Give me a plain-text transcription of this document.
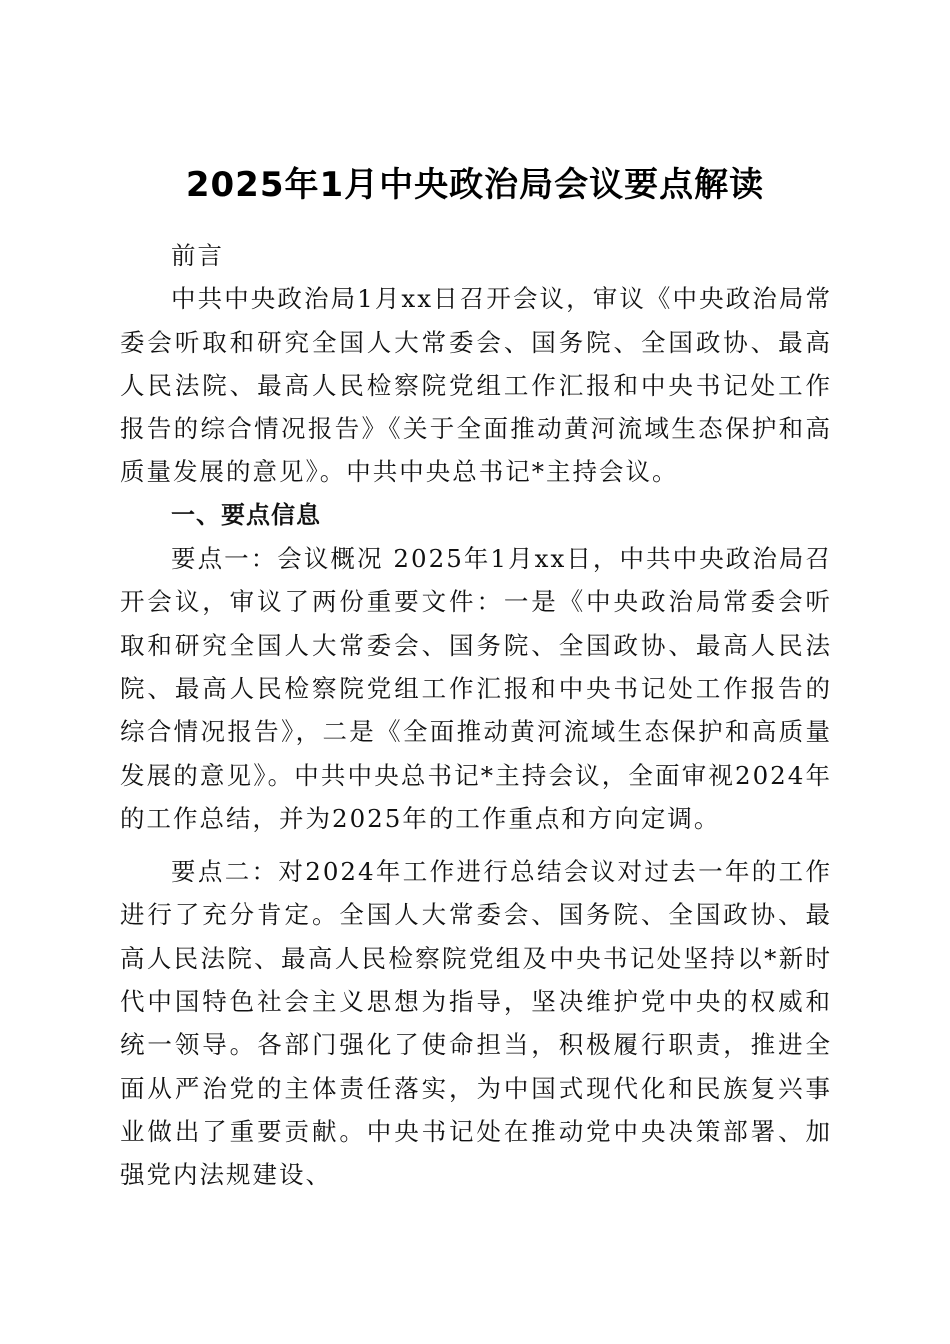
2025年1月中央政治局会议要点解读

前言

中共中央政治局1月xx日召开会议，审议《中央政治局常委会听取和研究全国人大常委会、国务院、全国政协、最高人民法院、最高人民检察院党组工作汇报和中央书记处工作报告的综合情况报告》《关于全面推动黄河流域生态保护和高质量发展的意见》。中共中央总书记*主持会议。

一、要点信息

要点一：会议概况 2025年1月xx日，中共中央政治局召开会议，审议了两份重要文件：一是《中央政治局常委会听取和研究全国人大常委会、国务院、全国政协、最高人民法院、最高人民检察院党组工作汇报和中央书记处工作报告的综合情况报告》，二是《全面推动黄河流域生态保护和高质量发展的意见》。中共中央总书记*主持会议，全面审视2024年的工作总结，并为2025年的工作重点和方向定调。

要点二：对2024年工作进行总结会议对过去一年的工作进行了充分肯定。全国人大常委会、国务院、全国政协、最高人民法院、最高人民检察院党组及中央书记处坚持以*新时代中国特色社会主义思想为指导，坚决维护党中央的权威和统一领导。各部门强化了使命担当，积极履行职责，推进全面从严治党的主体责任落实，为中国式现代化和民族复兴事业做出了重要贡献。中央书记处在推动党中央决策部署、加强党内法规建设、
